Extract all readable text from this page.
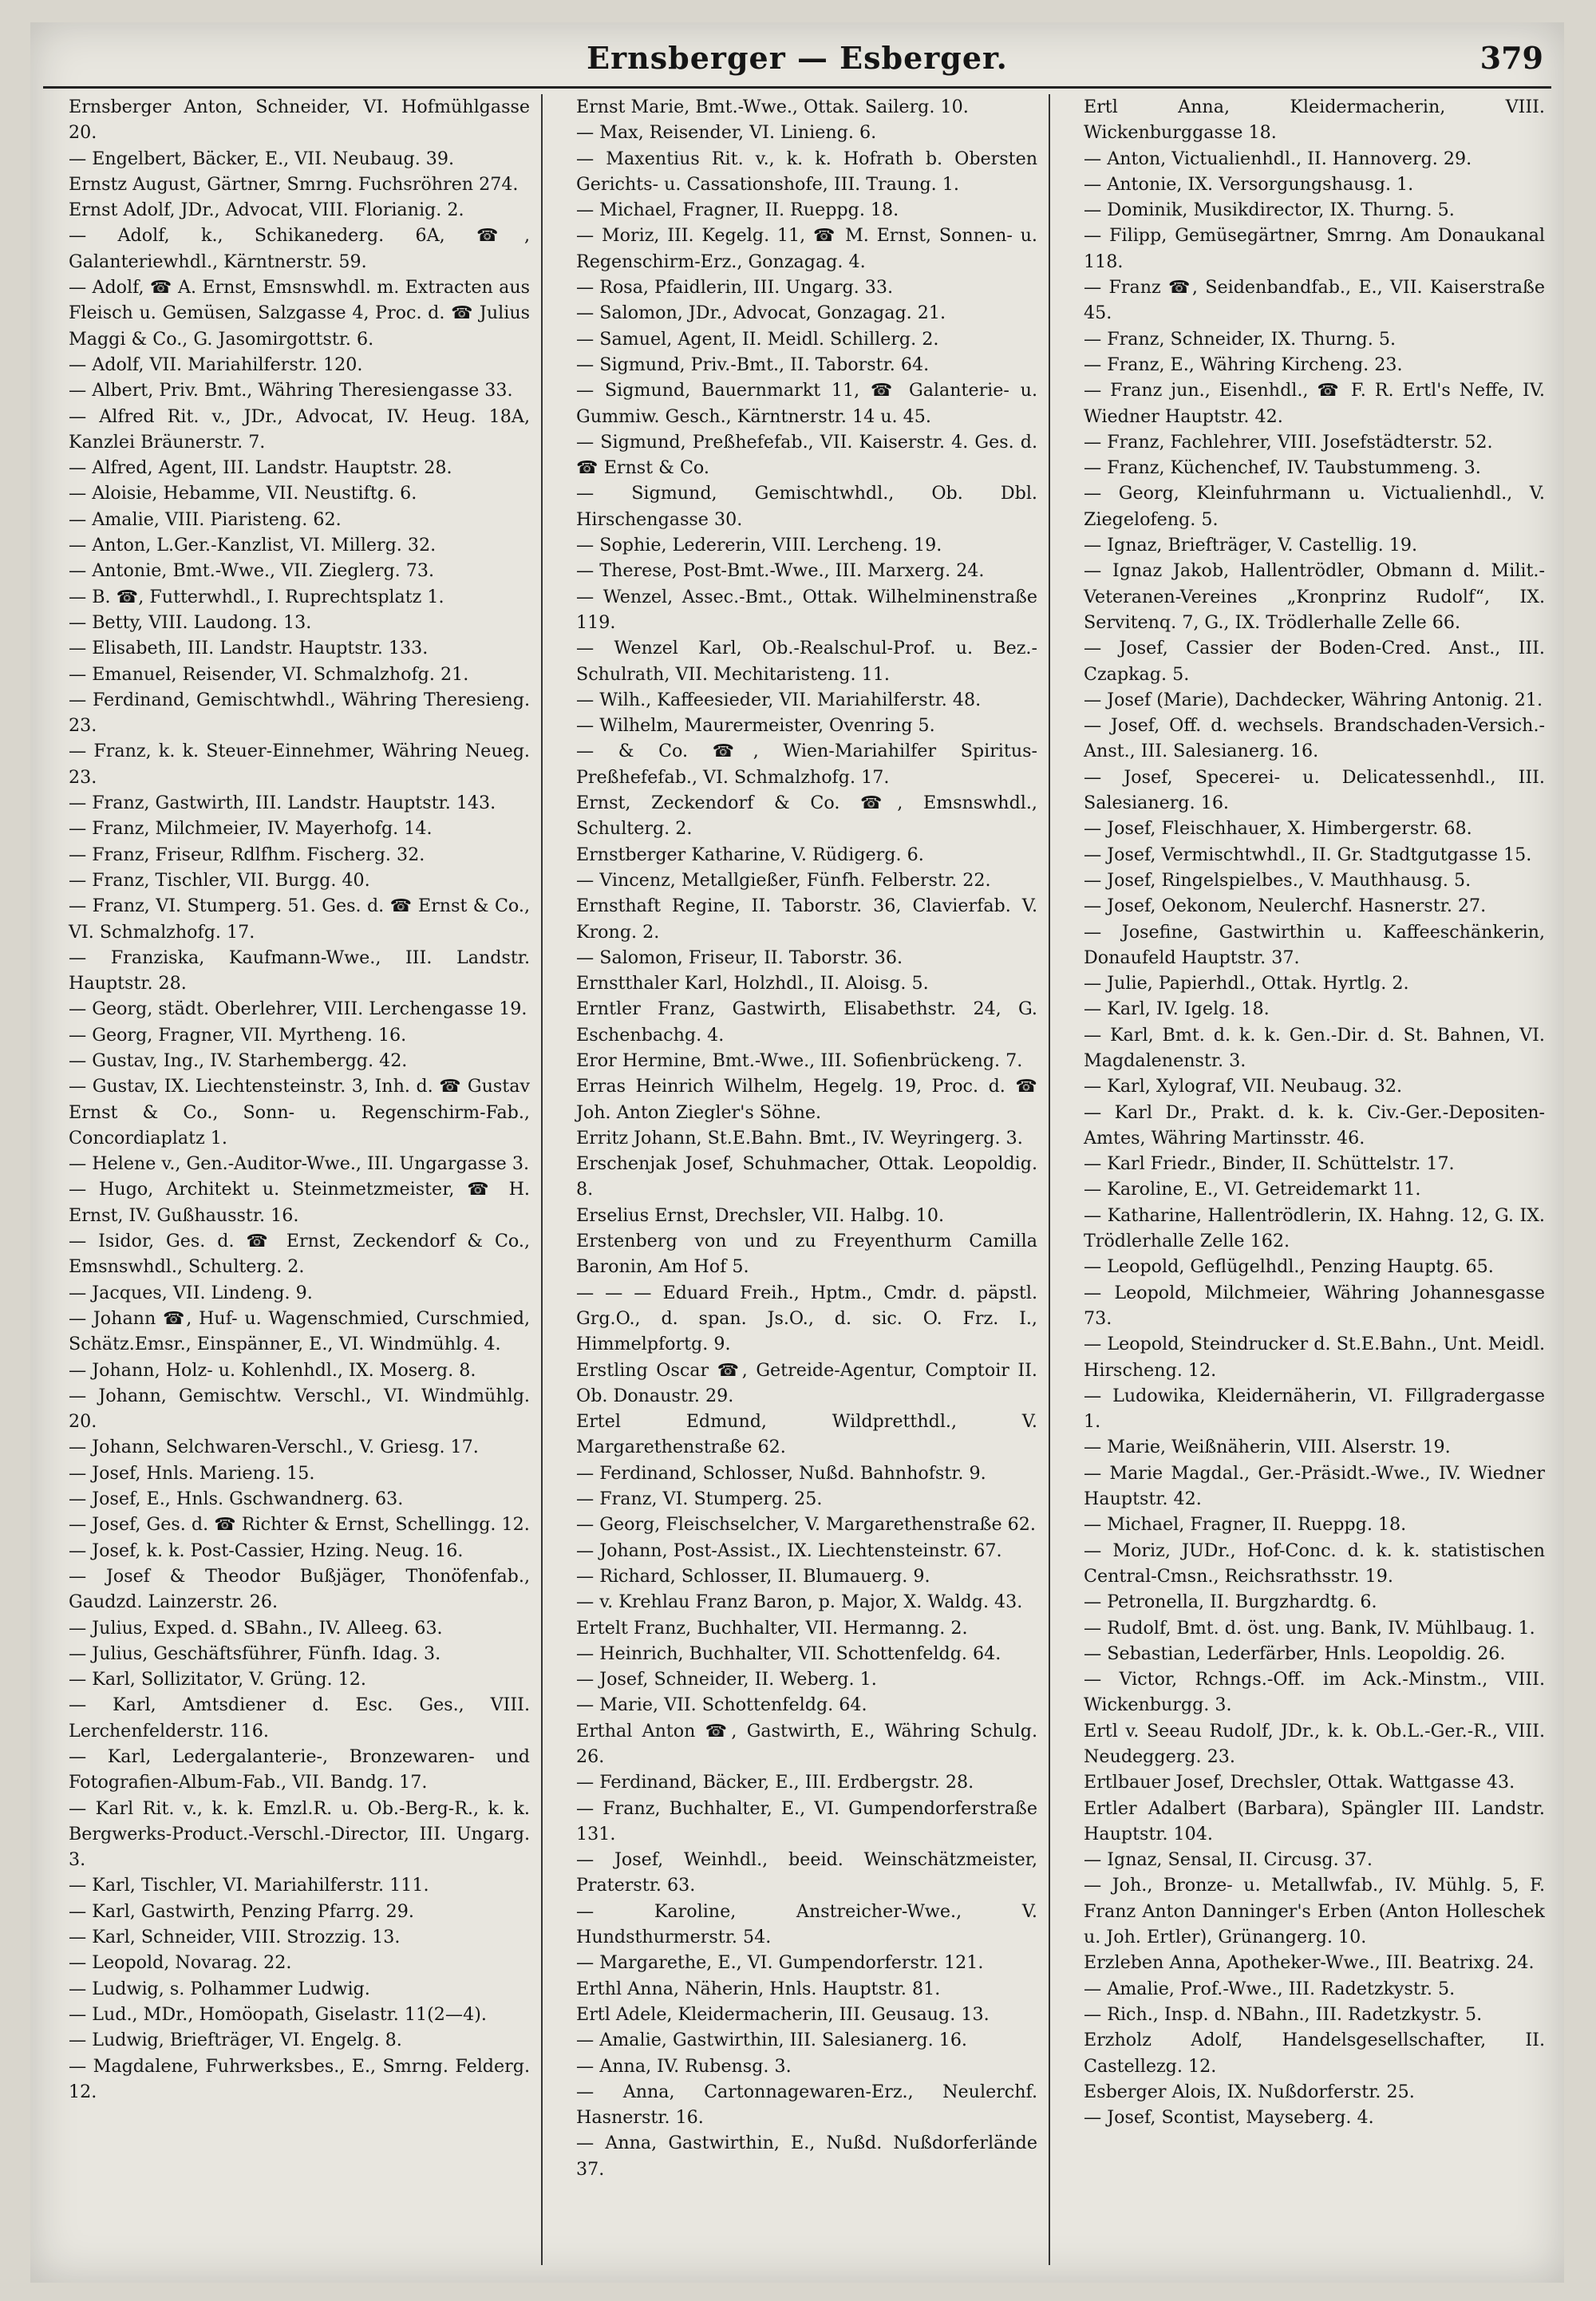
Ernsberger — Esberger.	379

Ernsberger Anton, Schneider, VI. Hofmühlgasse 20.

— Engelbert, Bäcker, E., VII. Neubaug. 39.

Ernstz August, Gärtner, Smrng. Fuchsröhren 274.

Ernst Adolf, JDr., Advocat, VIII. Florianig. 2.

— Adolf, k., Schikanederg. 6A, ☎, Galanteriewhdl., Kärntnerstr. 59.

— Adolf, ☎ A. Ernst, Emsnswhdl. m. Extracten aus Fleisch u. Gemüsen, Salzgasse 4, Proc. d. ☎ Julius Maggi & Co., G. Jasomirgottstr. 6.

— Adolf, VII. Mariahilferstr. 120.

— Albert, Priv. Bmt., Währing Theresiengasse 33.

— Alfred Rit. v., JDr., Advocat, IV. Heug. 18A, Kanzlei Bräunerstr. 7.

— Alfred, Agent, III. Landstr. Hauptstr. 28.

— Aloisie, Hebamme, VII. Neustiftg. 6.

— Amalie, VIII. Piaristeng. 62.

— Anton, L.Ger.-Kanzlist, VI. Millerg. 32.

— Antonie, Bmt.-Wwe., VII. Zieglerg. 73.

— B. ☎, Futterwhdl., I. Ruprechtsplatz 1.

— Betty, VIII. Laudong. 13.

— Elisabeth, III. Landstr. Hauptstr. 133.

— Emanuel, Reisender, VI. Schmalzhofg. 21.

— Ferdinand, Gemischtwhdl., Währing Theresieng. 23.

— Franz, k. k. Steuer-Einnehmer, Währing Neueg. 23.

— Franz, Gastwirth, III. Landstr. Hauptstr. 143.

— Franz, Milchmeier, IV. Mayerhofg. 14.

— Franz, Friseur, Rdlfhm. Fischerg. 32.

— Franz, Tischler, VII. Burgg. 40.

— Franz, VI. Stumperg. 51. Ges. d. ☎ Ernst & Co., VI. Schmalzhofg. 17.

— Franziska, Kaufmann-Wwe., III. Landstr. Hauptstr. 28.

— Georg, städt. Oberlehrer, VIII. Lerchengasse 19.

— Georg, Fragner, VII. Myrtheng. 16.

— Gustav, Ing., IV. Starhembergg. 42.

— Gustav, IX. Liechtensteinstr. 3, Inh. d. ☎ Gustav Ernst & Co., Sonn- u. Regenschirm-Fab., Concordiaplatz 1.

— Helene v., Gen.-Auditor-Wwe., III. Ungargasse 3.

— Hugo, Architekt u. Steinmetzmeister, ☎ H. Ernst, IV. Gußhausstr. 16.

— Isidor, Ges. d. ☎ Ernst, Zeckendorf & Co., Emsnswhdl., Schulterg. 2.

— Jacques, VII. Lindeng. 9.

— Johann ☎, Huf- u. Wagenschmied, Curschmied, Schätz.Emsr., Einspänner, E., VI. Windmühlg. 4.

— Johann, Holz- u. Kohlenhdl., IX. Moserg. 8.

— Johann, Gemischtw. Verschl., VI. Windmühlg. 20.

— Johann, Selchwaren-Verschl., V. Griesg. 17.

— Josef, Hnls. Marieng. 15.

— Josef, E., Hnls. Gschwandnerg. 63.

— Josef, Ges. d. ☎ Richter & Ernst, Schellingg. 12.

— Josef, k. k. Post-Cassier, Hzing. Neug. 16.

— Josef & Theodor Bußjäger, Thonöfenfab., Gaudzd. Lainzerstr. 26.

— Julius, Exped. d. SBahn., IV. Alleeg. 63.

— Julius, Geschäftsführer, Fünfh. Idag. 3.

— Karl, Sollizitator, V. Grüng. 12.

— Karl, Amtsdiener d. Esc. Ges., VIII. Lerchenfelderstr. 116.

— Karl, Ledergalanterie-, Bronzewaren- und Fotografien-Album-Fab., VII. Bandg. 17.

— Karl Rit. v., k. k. Emzl.R. u. Ob.-Berg-R., k. k. Bergwerks-Product.-Verschl.-Director, III. Ungarg. 3.

— Karl, Tischler, VI. Mariahilferstr. 111.

— Karl, Gastwirth, Penzing Pfarrg. 29.

— Karl, Schneider, VIII. Strozzig. 13.

— Leopold, Novarag. 22.

— Ludwig, s. Polhammer Ludwig.

— Lud., MDr., Homöopath, Giselastr. 11(2—4).

— Ludwig, Briefträger, VI. Engelg. 8.

— Magdalene, Fuhrwerksbes., E., Smrng. Felderg. 12.

Ernst Marie, Bmt.-Wwe., Ottak. Sailerg. 10.

— Max, Reisender, VI. Linieng. 6.

— Maxentius Rit. v., k. k. Hofrath b. Obersten Gerichts- u. Cassationshofe, III. Traung. 1.

— Michael, Fragner, II. Rueppg. 18.

— Moriz, III. Kegelg. 11, ☎ M. Ernst, Sonnen- u. Regenschirm-Erz., Gonzagag. 4.

— Rosa, Pfaidlerin, III. Ungarg. 33.

— Salomon, JDr., Advocat, Gonzagag. 21.

— Samuel, Agent, II. Meidl. Schillerg. 2.

— Sigmund, Priv.-Bmt., II. Taborstr. 64.

— Sigmund, Bauernmarkt 11, ☎ Galanterie- u. Gummiw. Gesch., Kärntnerstr. 14 u. 45.

— Sigmund, Preßhefefab., VII. Kaiserstr. 4. Ges. d. ☎ Ernst & Co.

— Sigmund, Gemischtwhdl., Ob. Dbl. Hirschengasse 30.

— Sophie, Ledererin, VIII. Lercheng. 19.

— Therese, Post-Bmt.-Wwe., III. Marxerg. 24.

— Wenzel, Assec.-Bmt., Ottak. Wilhelminenstraße 119.

— Wenzel Karl, Ob.-Realschul-Prof. u. Bez.-Schulrath, VII. Mechitaristeng. 11.

— Wilh., Kaffeesieder, VII. Mariahilferstr. 48.

— Wilhelm, Maurermeister, Ovenring 5.

— & Co. ☎, Wien-Mariahilfer Spiritus-Preßhefefab., VI. Schmalzhofg. 17.

Ernst, Zeckendorf & Co. ☎, Emsnswhdl., Schulterg. 2.

Ernstberger Katharine, V. Rüdigerg. 6.

— Vincenz, Metallgießer, Fünfh. Felberstr. 22.

Ernsthaft Regine, II. Taborstr. 36, Clavierfab. V. Krong. 2.

— Salomon, Friseur, II. Taborstr. 36.

Ernstthaler Karl, Holzhdl., II. Aloisg. 5.

Erntler Franz, Gastwirth, Elisabethstr. 24, G. Eschenbachg. 4.

Eror Hermine, Bmt.-Wwe., III. Sofienbrückeng. 7.

Erras Heinrich Wilhelm, Hegelg. 19, Proc. d. ☎ Joh. Anton Ziegler's Söhne.

Erritz Johann, St.E.Bahn. Bmt., IV. Weyringerg. 3.

Erschenjak Josef, Schuhmacher, Ottak. Leopoldig. 8.

Erselius Ernst, Drechsler, VII. Halbg. 10.

Erstenberg von und zu Freyenthurm Camilla Baronin, Am Hof 5.

— — — Eduard Freih., Hptm., Cmdr. d. päpstl. Grg.O., d. span. Js.O., d. sic. O. Frz. I., Himmelpfortg. 9.

Erstling Oscar ☎, Getreide-Agentur, Comptoir II. Ob. Donaustr. 29.

Ertel Edmund, Wildpretthdl., V. Margarethenstraße 62.

— Ferdinand, Schlosser, Nußd. Bahnhofstr. 9.

— Franz, VI. Stumperg. 25.

— Georg, Fleischselcher, V. Margarethenstraße 62.

— Johann, Post-Assist., IX. Liechtensteinstr. 67.

— Richard, Schlosser, II. Blumauerg. 9.

— v. Krehlau Franz Baron, p. Major, X. Waldg. 43.

Ertelt Franz, Buchhalter, VII. Hermanng. 2.

— Heinrich, Buchhalter, VII. Schottenfeldg. 64.

— Josef, Schneider, II. Weberg. 1.

— Marie, VII. Schottenfeldg. 64.

Erthal Anton ☎, Gastwirth, E., Währing Schulg. 26.

— Ferdinand, Bäcker, E., III. Erdbergstr. 28.

— Franz, Buchhalter, E., VI. Gumpendorferstraße 131.

— Josef, Weinhdl., beeid. Weinschätzmeister, Praterstr. 63.

— Karoline, Anstreicher-Wwe., V. Hundsthurmerstr. 54.

— Margarethe, E., VI. Gumpendorferstr. 121.

Erthl Anna, Näherin, Hnls. Hauptstr. 81.

Ertl Adele, Kleidermacherin, III. Geusaug. 13.

— Amalie, Gastwirthin, III. Salesianerg. 16.

— Anna, IV. Rubensg. 3.

— Anna, Cartonnagewaren-Erz., Neulerchf. Hasnerstr. 16.

— Anna, Gastwirthin, E., Nußd. Nußdorferlände 37.

Ertl Anna, Kleidermacherin, VIII. Wickenburggasse 18.

— Anton, Victualienhdl., II. Hannoverg. 29.

— Antonie, IX. Versorgungshausg. 1.

— Dominik, Musikdirector, IX. Thurng. 5.

— Filipp, Gemüsegärtner, Smrng. Am Donaukanal 118.

— Franz ☎, Seidenbandfab., E., VII. Kaiserstraße 45.

— Franz, Schneider, IX. Thurng. 5.

— Franz, E., Währing Kircheng. 23.

— Franz jun., Eisenhdl., ☎ F. R. Ertl's Neffe, IV. Wiedner Hauptstr. 42.

— Franz, Fachlehrer, VIII. Josefstädterstr. 52.

— Franz, Küchenchef, IV. Taubstummeng. 3.

— Georg, Kleinfuhrmann u. Victualienhdl., V. Ziegelofeng. 5.

— Ignaz, Briefträger, V. Castellig. 19.

— Ignaz Jakob, Hallentrödler, Obmann d. Milit.-Veteranen-Vereines „Kronprinz Rudolf“, IX. Servitenq. 7, G., IX. Trödlerhalle Zelle 66.

— Josef, Cassier der Boden-Cred. Anst., III. Czapkag. 5.

— Josef (Marie), Dachdecker, Währing Antonig. 21.

— Josef, Off. d. wechsels. Brandschaden-Versich.-Anst., III. Salesianerg. 16.

— Josef, Specerei- u. Delicatessenhdl., III. Salesianerg. 16.

— Josef, Fleischhauer, X. Himbergerstr. 68.

— Josef, Vermischtwhdl., II. Gr. Stadtgutgasse 15.

— Josef, Ringelspielbes., V. Mauthhausg. 5.

— Josef, Oekonom, Neulerchf. Hasnerstr. 27.

— Josefine, Gastwirthin u. Kaffeeschänkerin, Donaufeld Hauptstr. 37.

— Julie, Papierhdl., Ottak. Hyrtlg. 2.

— Karl, IV. Igelg. 18.

— Karl, Bmt. d. k. k. Gen.-Dir. d. St. Bahnen, VI. Magdalenenstr. 3.

— Karl, Xylograf, VII. Neubaug. 32.

— Karl Dr., Prakt. d. k. k. Civ.-Ger.-Depositen-Amtes, Währing Martinsstr. 46.

— Karl Friedr., Binder, II. Schüttelstr. 17.

— Karoline, E., VI. Getreidemarkt 11.

— Katharine, Hallentrödlerin, IX. Hahng. 12, G. IX. Trödlerhalle Zelle 162.

— Leopold, Geflügelhdl., Penzing Hauptg. 65.

— Leopold, Milchmeier, Währing Johannesgasse 73.

— Leopold, Steindrucker d. St.E.Bahn., Unt. Meidl. Hirscheng. 12.

— Ludowika, Kleidernäherin, VI. Fillgradergasse 1.

— Marie, Weißnäherin, VIII. Alserstr. 19.

— Marie Magdal., Ger.-Präsidt.-Wwe., IV. Wiedner Hauptstr. 42.

— Michael, Fragner, II. Rueppg. 18.

— Moriz, JUDr., Hof-Conc. d. k. k. statistischen Central-Cmsn., Reichsrathsstr. 19.

— Petronella, II. Burgzhardtg. 6.

— Rudolf, Bmt. d. öst. ung. Bank, IV. Mühlbaug. 1.

— Sebastian, Lederfärber, Hnls. Leopoldig. 26.

— Victor, Rchngs.-Off. im Ack.-Minstm., VIII. Wickenburgg. 3.

Ertl v. Seeau Rudolf, JDr., k. k. Ob.L.-Ger.-R., VIII. Neudeggerg. 23.

Ertlbauer Josef, Drechsler, Ottak. Wattgasse 43.

Ertler Adalbert (Barbara), Spängler III. Landstr. Hauptstr. 104.

— Ignaz, Sensal, II. Circusg. 37.

— Joh., Bronze- u. Metallwfab., IV. Mühlg. 5, F. Franz Anton Danninger's Erben (Anton Holleschek u. Joh. Ertler), Grünangerg. 10.

Erzleben Anna, Apotheker-Wwe., III. Beatrixg. 24.

— Amalie, Prof.-Wwe., III. Radetzkystr. 5.

— Rich., Insp. d. NBahn., III. Radetzkystr. 5.

Erzholz Adolf, Handelsgesellschafter, II. Castellezg. 12.

Esberger Alois, IX. Nußdorferstr. 25.

— Josef, Scontist, Mayseberg. 4.
